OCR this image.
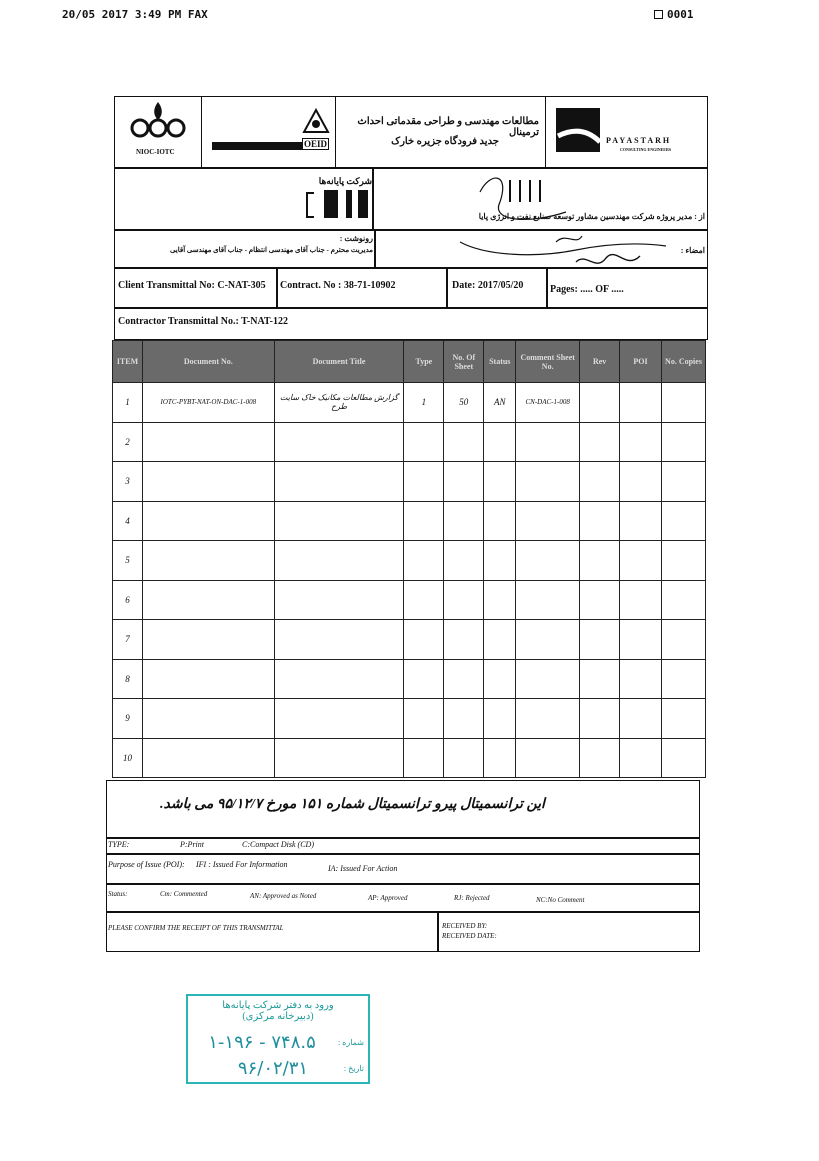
20/05 2017 3:49 PM FAX	0001
NIOC-IOTC
OEID
مطالعات مهندسی و طراحی مقدماتی احداث ترمینال
جدید فرودگاه جزیره خارک	PAYASTARH
CONSULTING ENGINEERS
شرکت پایانه‌ها
از : مدیر پروژه شرکت مهندسین مشاور توسعه صنایع نفت و انرژی پایا
رونوشت :
مدیریت محترم - جناب آقای مهندسی انتظام - جناب آقای مهندسی آقایی	امضاء :
Client Transmittal No: C-NAT-305 Contract. No : 38-71-10902	Date: 2017/05/20	Pages: ..... OF .....
Contractor Transmittal No.: T-NAT-122
ITEM	Document No.	Document Title	Type	No. Of Sheet	Status	Comment Sheet No.	Rev	POI	No. Copies
1	IOTC-PYBT-NAT-ON-DAC-1-008	گزارش مطالعات مکانیک خاک سایت طرح	1	50	AN	CN-DAC-1-008			
2									
3									
4									
5									
6									
7									
8									
9									
10									
این ترانسمیتال پیرو ترانسمیتال شماره ۱۵۱ مورخ ۹۵/۱۲/۷ می باشد.
TYPE:	P:Print	C:Compact Disk (CD)
Purpose of Issue (POI): IFI : Issued For Information	IA: Issued For Action
Status:	Cm: Commented	AN: Approved as Noted	AP: Approved	RJ: Rejected	NC:No Comment
PLEASE CONFIRM THE RECEIPT OF THIS TRANSMITTAL	RECEIVED BY:
RECEIVED DATE:
ورود به دفتر شرکت پایانه‌ها
(دبیرخانه مرکزی)
شماره :
۱-۱۹۶ - ۷۴۸.۵
تاریخ :
۹۶/۰۲/۳۱
